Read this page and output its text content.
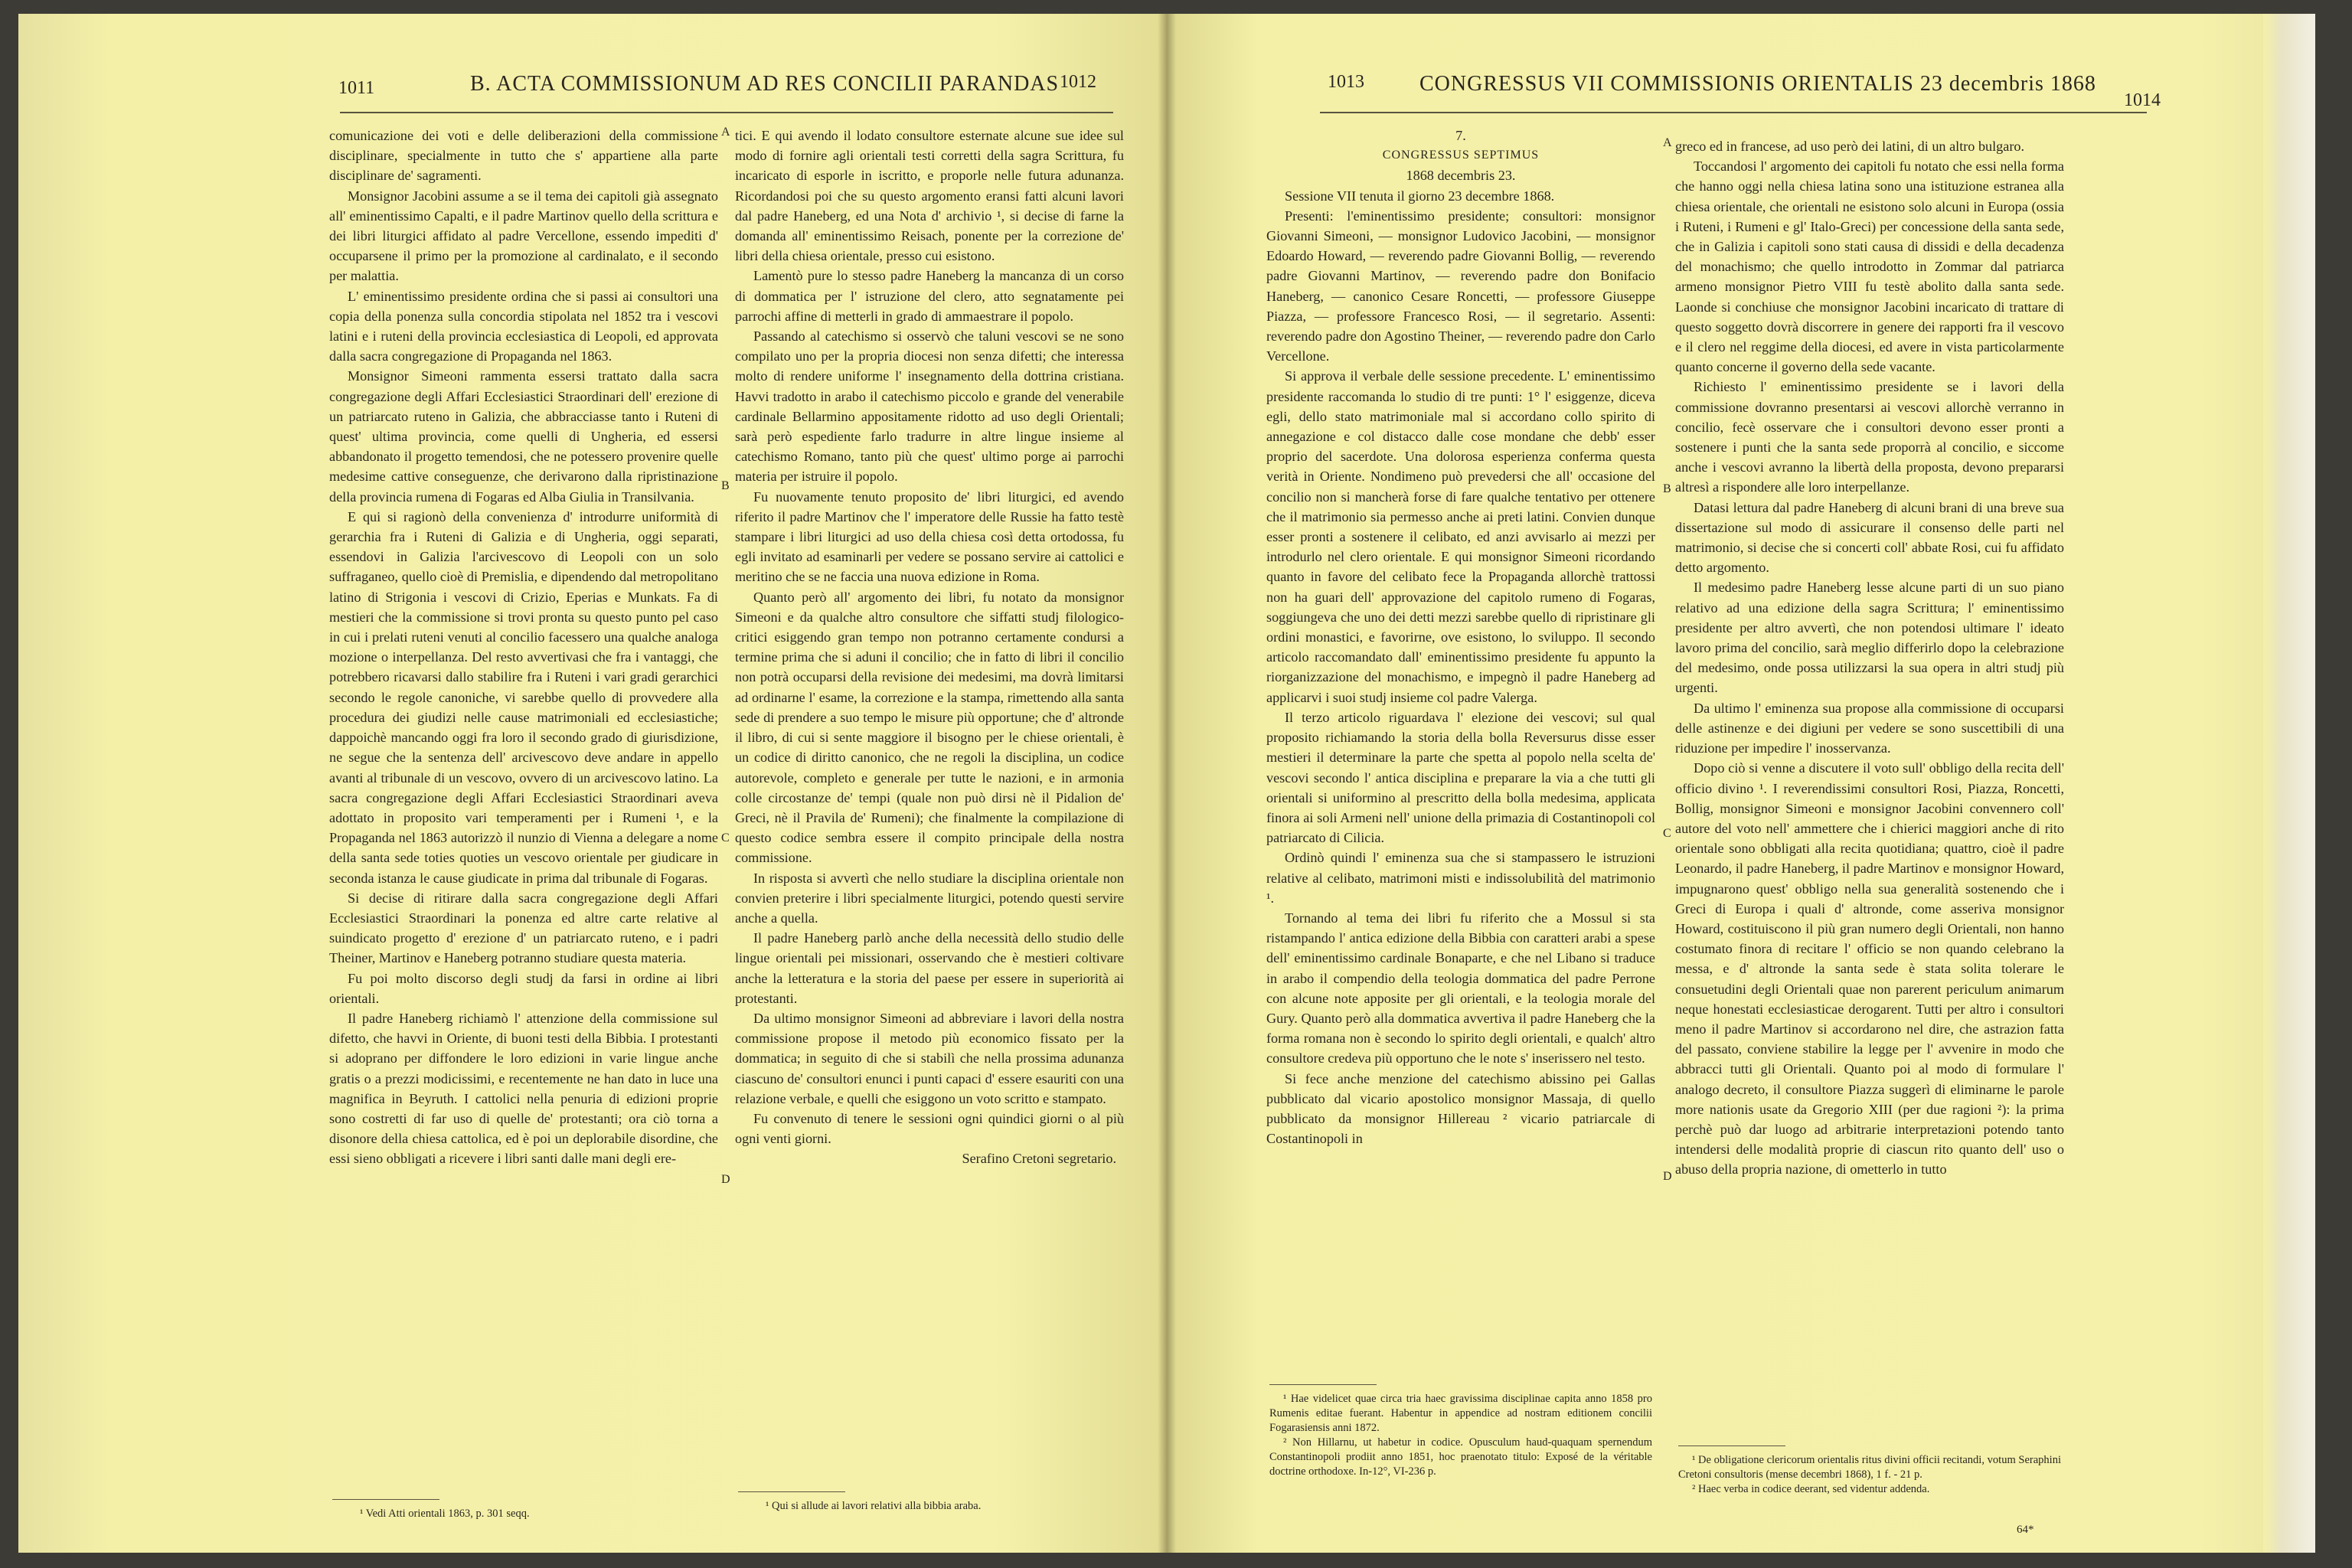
1011	B. ACTA COMMISSIONUM AD RES CONCILII PARANDAS 1012

comunicazione dei voti e delle deliberazioni della commissione disciplinare, specialmente in tutto che s' appartiene alla parte disciplinare de' sagramenti.

Monsignor Jacobini assume a se il tema dei capitoli già assegnato all' eminentissimo Capalti, e il padre Martinov quello della scrittura e dei libri liturgici affidato al padre Vercellone, essendo impediti d' occuparsene il primo per la promozione al cardinalato, e il secondo per malattia.

L' eminentissimo presidente ordina che si passi ai consultori una copia della ponenza sulla concordia stipolata nel 1852 tra i vescovi latini e i ruteni della provincia ecclesiastica di Leopoli, ed approvata dalla sacra congregazione di Propaganda nel 1863.

Monsignor Simeoni rammenta essersi trattato dalla sacra congregazione degli Affari Ecclesiastici Straordinari dell' erezione di un patriarcato ruteno in Galizia, che abbracciasse tanto i Ruteni di quest' ultima provincia, come quelli di Ungheria, ed essersi abbandonato il progetto temendosi, che ne potessero provenire quelle medesime cattive conseguenze, che derivarono dalla ripristinazione della provincia rumena di Fogaras ed Alba Giulia in Transilvania.

E qui si ragionò della convenienza d' introdurre uniformità di gerarchia fra i Ruteni di Galizia e di Ungheria, oggi separati, essendovi in Galizia l'arcivescovo di Leopoli con un solo suffraganeo, quello cioè di Premislia, e dipendendo dal metropolitano latino di Strigonia i vescovi di Crizio, Eperias e Munkats. Fa di mestieri che la commissione si trovi pronta su questo punto pel caso in cui i prelati ruteni venuti al concilio facessero una qualche analoga mozione o interpellanza. Del resto avvertivasi che fra i vantaggi, che potrebbero ricavarsi dallo stabilire fra i Ruteni i vari gradi gerarchici secondo le regole canoniche, vi sarebbe quello di provvedere alla procedura dei giudizi nelle cause matrimoniali ed ecclesiastiche; dappoichè mancando oggi fra loro il secondo grado di giurisdizione, ne segue che la sentenza dell' arcivescovo deve andare in appello avanti al tribunale di un vescovo, ovvero di un arcivescovo latino. La sacra congregazione degli Affari Ecclesiastici Straordinari aveva adottato in proposito vari temperamenti per i Rumeni ¹, e la Propaganda nel 1863 autorizzò il nunzio di Vienna a delegare a nome della santa sede toties quoties un vescovo orientale per giudicare in seconda istanza le cause giudicate in prima dal tribunale di Fogaras.

Si decise di ritirare dalla sacra congregazione degli Affari Ecclesiastici Straordinari la ponenza ed altre carte relative al suindicato progetto d' erezione d' un patriarcato ruteno, e i padri Theiner, Martinov e Haneberg potranno studiare questa materia.

Fu poi molto discorso degli studj da farsi in ordine ai libri orientali.

Il padre Haneberg richiamò l' attenzione della commissione sul difetto, che havvi in Oriente, di buoni testi della Bibbia. I protestanti si adoprano per diffondere le loro edizioni in varie lingue anche gratis o a prezzi modicissimi, e recentemente ne han dato in luce una magnifica in Beyruth. I cattolici nella penuria di edizioni proprie sono costretti di far uso di quelle de' protestanti; ora ciò torna a disonore della chiesa cattolica, ed è poi un deplorabile disordine, che essi sieno obbligati a ricevere i libri santi dalle mani degli ere-

¹ Vedi Atti orientali 1863, p. 301 seqq.
A
B
C
D

tici. E qui avendo il lodato consultore esternate alcune sue idee sul modo di fornire agli orientali testi corretti della sagra Scrittura, fu incaricato di esporle in iscritto, e proporle nelle futura adunanza. Ricordandosi poi che su questo argomento eransi fatti alcuni lavori dal padre Haneberg, ed una Nota d' archivio ¹, si decise di farne la domanda all' eminentissimo Reisach, ponente per la correzione de' libri della chiesa orientale, presso cui esistono.

Lamentò pure lo stesso padre Haneberg la mancanza di un corso di dommatica per l' istruzione del clero, atto segnatamente pei parrochi affine di metterli in grado di ammaestrare il popolo.

Passando al catechismo si osservò che taluni vescovi se ne sono compilato uno per la propria diocesi non senza difetti; che interessa molto di rendere uniforme l' insegnamento della dottrina cristiana. Havvi tradotto in arabo il catechismo piccolo e grande del venerabile cardinale Bellarmino appositamente ridotto ad uso degli Orientali; sarà però espediente farlo tradurre in altre lingue insieme al catechismo Romano, tanto più che quest' ultimo porge ai parrochi materia per istruire il popolo.

Fu nuovamente tenuto proposito de' libri liturgici, ed avendo riferito il padre Martinov che l' imperatore delle Russie ha fatto testè stampare i libri liturgici ad uso della chiesa così detta ortodossa, fu egli invitato ad esaminarli per vedere se possano servire ai cattolici e meritino che se ne faccia una nuova edizione in Roma.

Quanto però all' argomento dei libri, fu notato da monsignor Simeoni e da qualche altro consultore che siffatti studj filologico-critici esiggendo gran tempo non potranno certamente condursi a termine prima che si aduni il concilio; che in fatto di libri il concilio non potrà occuparsi della revisione dei medesimi, ma dovrà limitarsi ad ordinarne l' esame, la correzione e la stampa, rimettendo alla santa sede di prendere a suo tempo le misure più opportune; che d' altronde il libro, di cui si sente maggiore il bisogno per le chiese orientali, è un codice di diritto canonico, che ne regoli la disciplina, un codice autorevole, completo e generale per tutte le nazioni, e in armonia colle circostanze de' tempi (quale non può dirsi nè il Pidalion de' Greci, nè il Pravila de' Rumeni); che finalmente la compilazione di questo codice sembra essere il compito principale della nostra commissione.

In risposta si avvertì che nello studiare la disciplina orientale non convien preterire i libri specialmente liturgici, potendo questi servire anche a quella.

Il padre Haneberg parlò anche della necessità dello studio delle lingue orientali pei missionari, osservando che è mestieri coltivare anche la letteratura e la storia del paese per essere in superiorità ai protestanti.

Da ultimo monsignor Simeoni ad abbreviare i lavori della nostra commissione propose il metodo più economico fissato per la dommatica; in seguito di che si stabilì che nella prossima adunanza ciascuno de' consultori enunci i punti capaci d' essere esauriti con una relazione verbale, e quelli che esiggono un voto scritto e stampato.

Fu convenuto di tenere le sessioni ogni quindici giorni o al più ogni venti giorni.

Serafino Cretoni segretario.

¹ Qui si allude ai lavori relativi alla bibbia araba.
1013	CONGRESSUS VII COMMISSIONIS ORIENTALIS 23 decembris 1868
1014

7.

CONGRESSUS SEPTIMUS

1868 decembris 23.

Sessione VII tenuta il giorno 23 decembre 1868.

Presenti: l'eminentissimo presidente; consultori: monsignor Giovanni Simeoni, — monsignor Ludovico Jacobini, — monsignor Edoardo Howard, — reverendo padre Giovanni Bollig, — reverendo padre Giovanni Martinov, — reverendo padre don Bonifacio Haneberg, — canonico Cesare Roncetti, — professore Giuseppe Piazza, — professore Francesco Rosi, — il segretario. Assenti: reverendo padre don Agostino Theiner, — reverendo padre don Carlo Vercellone.

Si approva il verbale delle sessione precedente. L' eminentissimo presidente raccomanda lo studio di tre punti: 1° l' esiggenze, diceva egli, dello stato matrimoniale mal si accordano collo spirito di annegazione e col distacco dalle cose mondane che debb' esser proprio del sacerdote. Una dolorosa esperienza conferma questa verità in Oriente. Nondimeno può prevedersi che all' occasione del concilio non si mancherà forse di fare qualche tentativo per ottenere che il matrimonio sia permesso anche ai preti latini. Convien dunque esser pronti a sostenere il celibato, ed anzi avvisarlo ai mezzi per introdurlo nel clero orientale. E qui monsignor Simeoni ricordando quanto in favore del celibato fece la Propaganda allorchè trattossi non ha guari dell' approvazione del capitolo rumeno di Fogaras, soggiungeva che uno dei detti mezzi sarebbe quello di ripristinare gli ordini monastici, e favorirne, ove esistono, lo sviluppo. Il secondo articolo raccomandato dall' eminentissimo presidente fu appunto la riorganizzazione del monachismo, e impegnò il padre Haneberg ad applicarvi i suoi studj insieme col padre Valerga.

Il terzo articolo riguardava l' elezione dei vescovi; sul qual proposito richiamando la storia della bolla Reversurus disse esser mestieri il determinare la parte che spetta al popolo nella scelta de' vescovi secondo l' antica disciplina e preparare la via a che tutti gli orientali si uniformino al prescritto della bolla medesima, applicata finora ai soli Armeni nell' unione della primazia di Costantinopoli col patriarcato di Cilicia.

Ordinò quindi l' eminenza sua che si stampassero le istruzioni relative al celibato, matrimoni misti e indissolubilità del matrimonio ¹.

Tornando al tema dei libri fu riferito che a Mossul si sta ristampando l' antica edizione della Bibbia con caratteri arabi a spese dell' eminentissimo cardinale Bonaparte, e che nel Libano si traduce in arabo il compendio della teologia dommatica del padre Perrone con alcune note apposite per gli orientali, e la teologia morale del Gury. Quanto però alla dommatica avvertiva il padre Haneberg che la forma romana non è secondo lo spirito degli orientali, e qualch' altro consultore credeva più opportuno che le note s' inserissero nel testo.

Si fece anche menzione del catechismo abissino pei Gallas pubblicato dal vicario apostolico monsignor Massaja, di quello pubblicato da monsignor Hillereau ² vicario patriarcale di Costantinopoli in

¹ Hae videlicet quae circa tria haec gravissima disciplinae capita anno 1858 pro Rumenis editae fuerant. Habentur in appendice ad nostram editionem concilii Fogarasiensis anni 1872.

² Non Hillarnu, ut habetur in codice. Opusculum haud-quaquam spernendum Constantinopoli prodiit anno 1851, hoc praenotato titulo: Exposé de la véritable doctrine orthodoxe. In-12°, VI-236 p.

A
B
C
D

greco ed in francese, ad uso però dei latini, di un altro bulgaro.

Toccandosi l' argomento dei capitoli fu notato che essi nella forma che hanno oggi nella chiesa latina sono una istituzione estranea alla chiesa orientale, che orientali ne esistono solo alcuni in Europa (ossia i Ruteni, i Rumeni e gl' Italo-Greci) per concessione della santa sede, che in Galizia i capitoli sono stati causa di dissidi e della decadenza del monachismo; che quello introdotto in Zommar dal patriarca armeno monsignor Pietro VIII fu testè abolito dalla santa sede. Laonde si conchiuse che monsignor Jacobini incaricato di trattare di questo soggetto dovrà discorrere in genere dei rapporti fra il vescovo e il clero nel reggime della diocesi, ed avere in vista particolarmente quanto concerne il governo della sede vacante.

Richiesto l' eminentissimo presidente se i lavori della commissione dovranno presentarsi ai vescovi allorchè verranno in concilio, fecè osservare che i consultori devono esser pronti a sostenere i punti che la santa sede proporrà al concilio, e siccome anche i vescovi avranno la libertà della proposta, devono prepararsi altresì a rispondere alle loro interpellanze.

Datasi lettura dal padre Haneberg di alcuni brani di una breve sua dissertazione sul modo di assicurare il consenso delle parti nel matrimonio, si decise che si concerti coll' abbate Rosi, cui fu affidato detto argomento.

Il medesimo padre Haneberg lesse alcune parti di un suo piano relativo ad una edizione della sagra Scrittura; l' eminentissimo presidente per altro avvertì, che non potendosi ultimare l' ideato lavoro prima del concilio, sarà meglio differirlo dopo la celebrazione del medesimo, onde possa utilizzarsi la sua opera in altri studj più urgenti.

Da ultimo l' eminenza sua propose alla commissione di occuparsi delle astinenze e dei digiuni per vedere se sono suscettibili di una riduzione per impedire l' inosservanza.

Dopo ciò si venne a discutere il voto sull' obbligo della recita dell' officio divino ¹. I reverendissimi consultori Rosi, Piazza, Roncetti, Bollig, monsignor Simeoni e monsignor Jacobini convennero coll' autore del voto nell' ammettere che i chierici maggiori anche di rito orientale sono obbligati alla recita quotidiana; quattro, cioè il padre Leonardo, il padre Haneberg, il padre Martinov e monsignor Howard, impugnarono quest' obbligo nella sua generalità sostenendo che i Greci di Europa i quali d' altronde, come asseriva monsignor Howard, costituiscono il più gran numero degli Orientali, non hanno costumato finora di recitare l' officio se non quando celebrano la messa, e d' altronde la santa sede è stata solita tolerare le consuetudini degli Orientali quae non parerent periculum animarum neque honestati ecclesiasticae derogarent. Tutti per altro i consultori meno il padre Martinov si accordarono nel dire, che astrazion fatta del passato, conviene stabilire la legge per l' avvenire in modo che abbracci tutti gli Orientali. Quanto poi al modo di formulare l' analogo decreto, il consultore Piazza suggerì di eliminarne le parole more nationis usate da Gregorio XIII (per due ragioni ²): la prima perchè può dar luogo ad arbitrarie interpretazioni potendo tanto intendersi delle modalità proprie di ciascun rito quanto dell' uso o abuso della propria nazione, di ometterlo in tutto

¹ De obligatione clericorum orientalis ritus divini officii recitandi, votum Seraphini Cretoni consultoris (mense decembri 1868), 1 f. - 21 p.

² Haec verba in codice deerant, sed videntur addenda.

64*
